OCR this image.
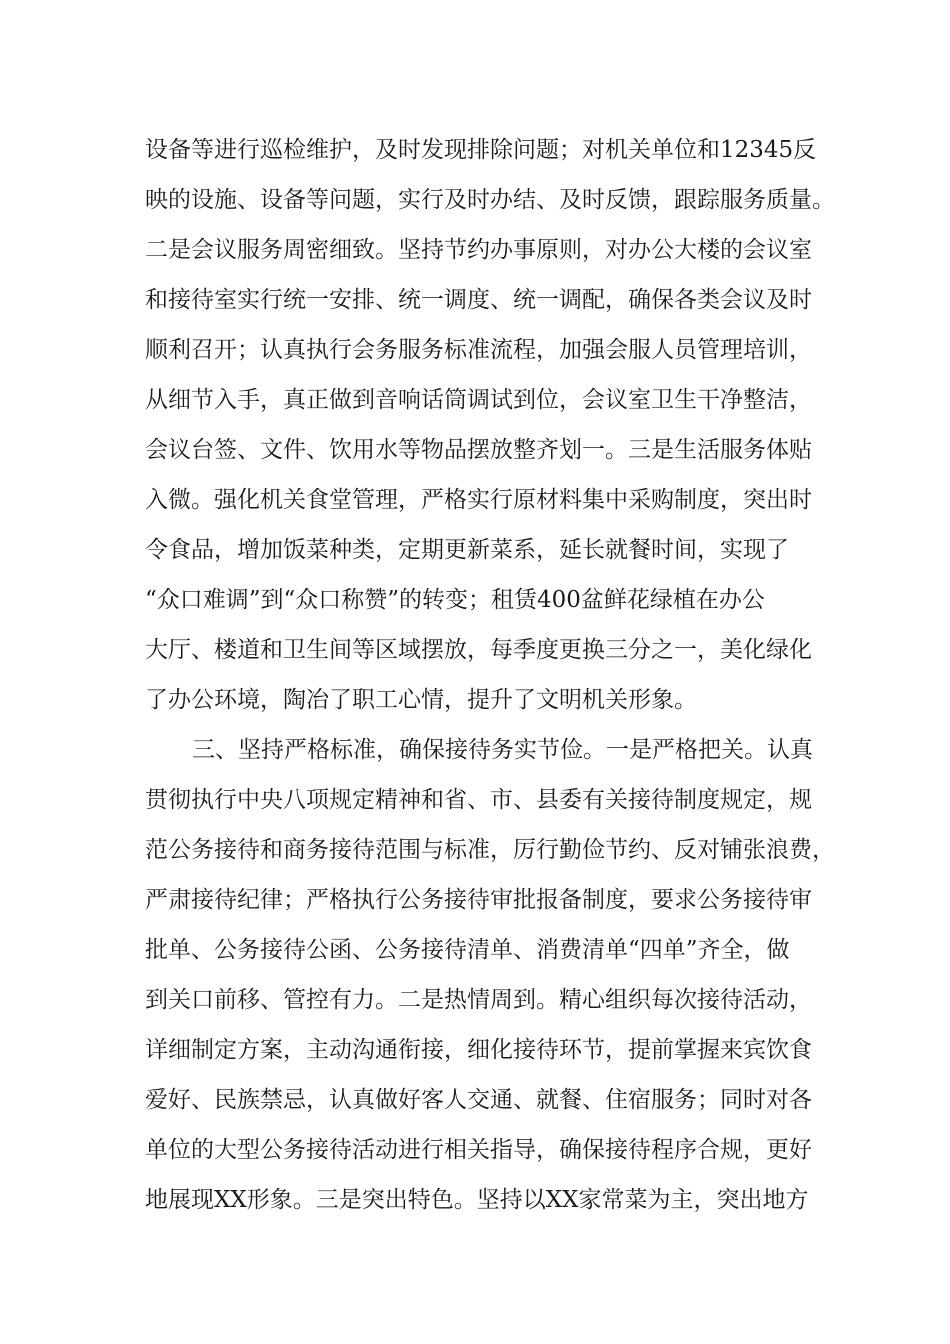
设备等进行巡检维护，及时发现排除问题；对机关单位和12345反
映的设施、设备等问题，实行及时办结、及时反馈，跟踪服务质量。
二是会议服务周密细致。坚持节约办事原则，对办公大楼的会议室
和接待室实行统一安排、统一调度、统一调配，确保各类会议及时
顺利召开；认真执行会务服务标准流程，加强会服人员管理培训，
从细节入手，真正做到音响话筒调试到位，会议室卫生干净整洁，
会议台签、文件、饮用水等物品摆放整齐划一。三是生活服务体贴
入微。强化机关食堂管理，严格实行原材料集中采购制度，突出时
令食品，增加饭菜种类，定期更新菜系，延长就餐时间，实现了
“众口难调”到“众口称赞”的转变；租赁400盆鲜花绿植在办公
大厅、楼道和卫生间等区域摆放，每季度更换三分之一，美化绿化
了办公环境，陶冶了职工心情，提升了文明机关形象。
三、坚持严格标准，确保接待务实节俭。一是严格把关。认真
贯彻执行中央八项规定精神和省、市、县委有关接待制度规定，规
范公务接待和商务接待范围与标准，厉行勤俭节约、反对铺张浪费，
严肃接待纪律；严格执行公务接待审批报备制度，要求公务接待审
批单、公务接待公函、公务接待清单、消费清单“四单”齐全，做
到关口前移、管控有力。二是热情周到。精心组织每次接待活动，
详细制定方案，主动沟通衔接，细化接待环节，提前掌握来宾饮食
爱好、民族禁忌，认真做好客人交通、就餐、住宿服务；同时对各
单位的大型公务接待活动进行相关指导，确保接待程序合规，更好
地展现XX形象。三是突出特色。坚持以XX家常菜为主，突出地方
